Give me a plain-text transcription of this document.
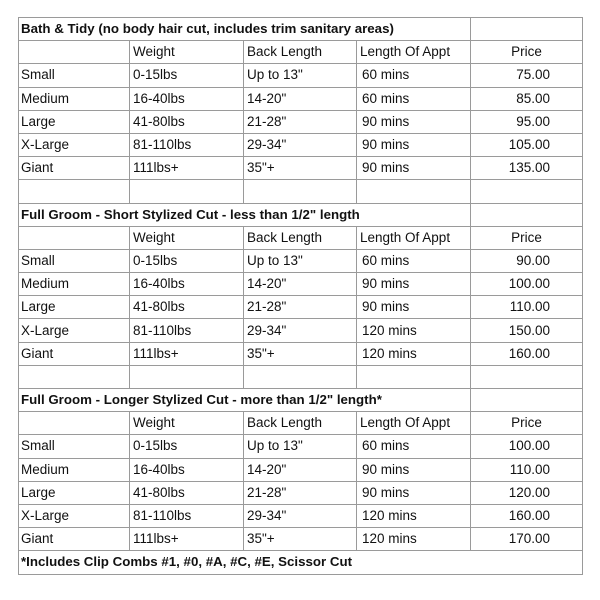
Bath & Tidy (no body hair cut, includes trim sanitary areas)				
	Weight	Back Length	Length Of Appt	Price
Small	0-15lbs	Up to 13"	60 mins	75.00
Medium	16-40lbs	14-20"	60 mins	85.00
Large	41-80lbs	21-28"	90 mins	95.00
X-Large	81-110lbs	29-34"	90 mins	105.00
Giant	111lbs+	35"+	90 mins	135.00

Full Groom - Short Stylized Cut - less than 1/2" length				
	Weight	Back Length	Length Of Appt	Price
Small	0-15lbs	Up to 13"	60 mins	90.00
Medium	16-40lbs	14-20"	90 mins	100.00
Large	41-80lbs	21-28"	90 mins	110.00
X-Large	81-110lbs	29-34"	120 mins	150.00
Giant	111lbs+	35"+	120 mins	160.00

Full Groom - Longer Stylized Cut - more than 1/2" length*				
	Weight	Back Length	Length Of Appt	Price
Small	0-15lbs	Up to 13"	60 mins	100.00
Medium	16-40lbs	14-20"	90 mins	110.00
Large	41-80lbs	21-28"	90 mins	120.00
X-Large	81-110lbs	29-34"	120 mins	160.00
Giant	111lbs+	35"+	120 mins	170.00
*Includes Clip Combs #1, #0, #A, #C, #E, Scissor Cut				
